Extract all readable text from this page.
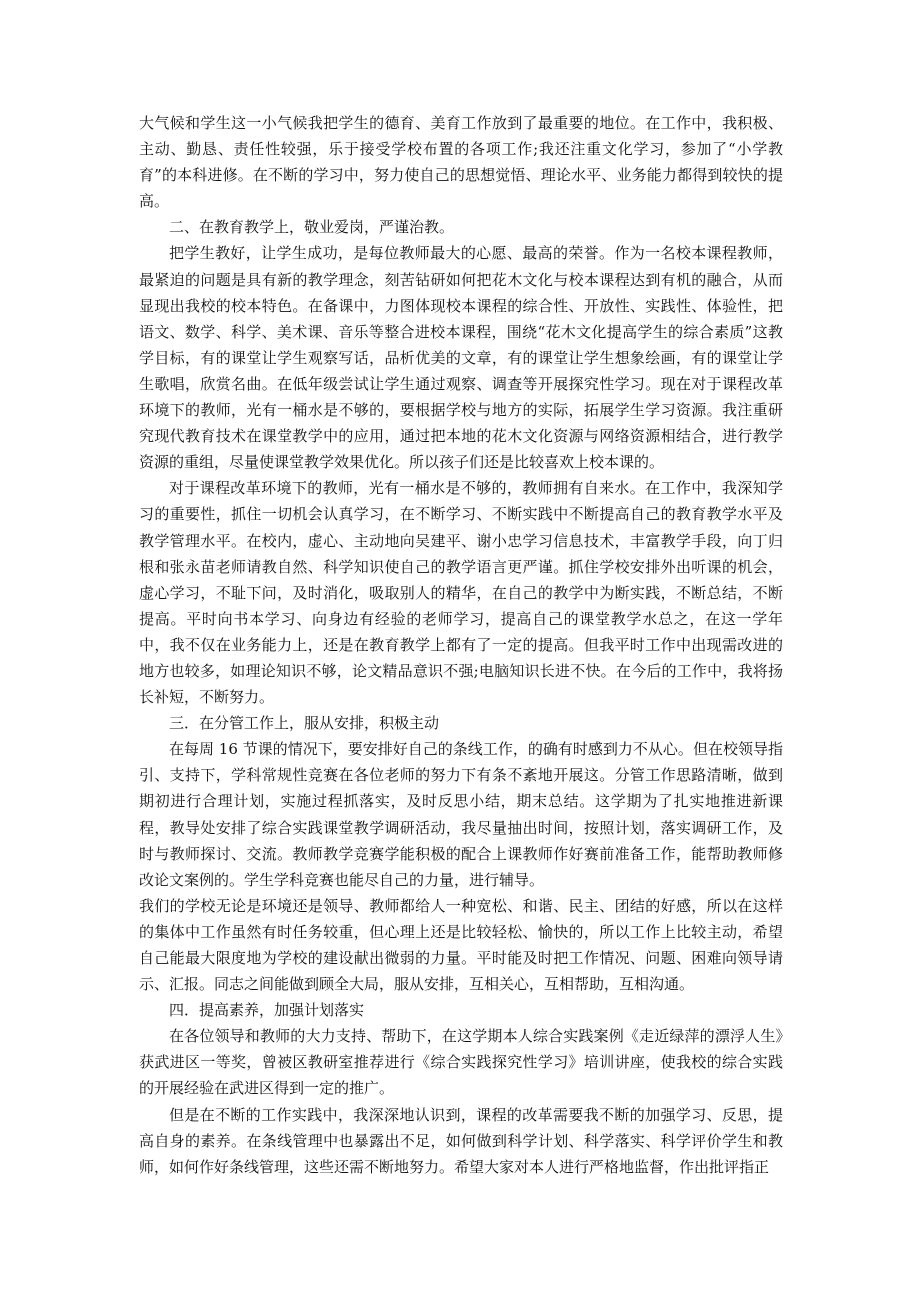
大气候和学生这一小气候我把学生的德育、美育工作放到了最重要的地位。在工作中，我积极、主动、勤恳、责任性较强，乐于接受学校布置的各项工作;我还注重文化学习，参加了“小学教育”的本科进修。在不断的学习中，努力使自己的思想觉悟、理论水平、业务能力都得到较快的提高。

二、在教育教学上，敬业爱岗，严谨治教。

把学生教好，让学生成功，是每位教师最大的心愿、最高的荣誉。作为一名校本课程教师，最紧迫的问题是具有新的教学理念，刻苦钻研如何把花木文化与校本课程达到有机的融合，从而显现出我校的校本特色。在备课中，力图体现校本课程的综合性、开放性、实践性、体验性，把语文、数学、科学、美术课、音乐等整合进校本课程，围绕“花木文化提高学生的综合素质”这教学目标，有的课堂让学生观察写话，品析优美的文章，有的课堂让学生想象绘画，有的课堂让学生歌唱，欣赏名曲。在低年级尝试让学生通过观察、调查等开展探究性学习。现在对于课程改革环境下的教师，光有一桶水是不够的，要根据学校与地方的实际，拓展学生学习资源。我注重研究现代教育技术在课堂教学中的应用，通过把本地的花木文化资源与网络资源相结合，进行教学资源的重组，尽量使课堂教学效果优化。所以孩子们还是比较喜欢上校本课的。

对于课程改革环境下的教师，光有一桶水是不够的，教师拥有自来水。在工作中，我深知学习的重要性，抓住一切机会认真学习，在不断学习、不断实践中不断提高自己的教育教学水平及教学管理水平。在校内，虚心、主动地向吴建平、谢小忠学习信息技术，丰富教学手段，向丁归根和张永苗老师请教自然、科学知识使自己的教学语言更严谨。抓住学校安排外出听课的机会，虚心学习，不耻下问，及时消化，吸取别人的精华，在自己的教学中为断实践，不断总结，不断提高。平时向书本学习、向身边有经验的老师学习，提高自己的课堂教学水总之，在这一学年中，我不仅在业务能力上，还是在教育教学上都有了一定的提高。但我平时工作中出现需改进的地方也较多，如理论知识不够，论文精品意识不强;电脑知识长进不快。在今后的工作中，我将扬长补短，不断努力。

三．在分管工作上，服从安排，积极主动

在每周 16 节课的情况下，要安排好自己的条线工作，的确有时感到力不从心。但在校领导指引、支持下，学科常规性竞赛在各位老师的努力下有条不紊地开展这。分管工作思路清晰，做到期初进行合理计划，实施过程抓落实，及时反思小结，期末总结。这学期为了扎实地推进新课程，教导处安排了综合实践课堂教学调研活动，我尽量抽出时间，按照计划，落实调研工作，及时与教师探讨、交流。教师教学竞赛学能积极的配合上课教师作好赛前准备工作，能帮助教师修改论文案例的。学生学科竞赛也能尽自己的力量，进行辅导。

我们的学校无论是环境还是领导、教师都给人一种宽松、和谐、民主、团结的好感，所以在这样的集体中工作虽然有时任务较重，但心理上还是比较轻松、愉快的，所以工作上比较主动，希望自己能最大限度地为学校的建设献出微弱的力量。平时能及时把工作情况、问题、困难向领导请示、汇报。同志之间能做到顾全大局，服从安排，互相关心，互相帮助，互相沟通。

四．提高素养，加强计划落实

在各位领导和教师的大力支持、帮助下，在这学期本人综合实践案例《走近绿萍的漂浮人生》获武进区一等奖，曾被区教研室推荐进行《综合实践探究性学习》培训讲座，使我校的综合实践的开展经验在武进区得到一定的推广。

但是在不断的工作实践中，我深深地认识到，课程的改革需要我不断的加强学习、反思，提高自身的素养。在条线管理中也暴露出不足，如何做到科学计划、科学落实、科学评价学生和教师，如何作好条线管理，这些还需不断地努力。希望大家对本人进行严格地监督，作出批评指正
